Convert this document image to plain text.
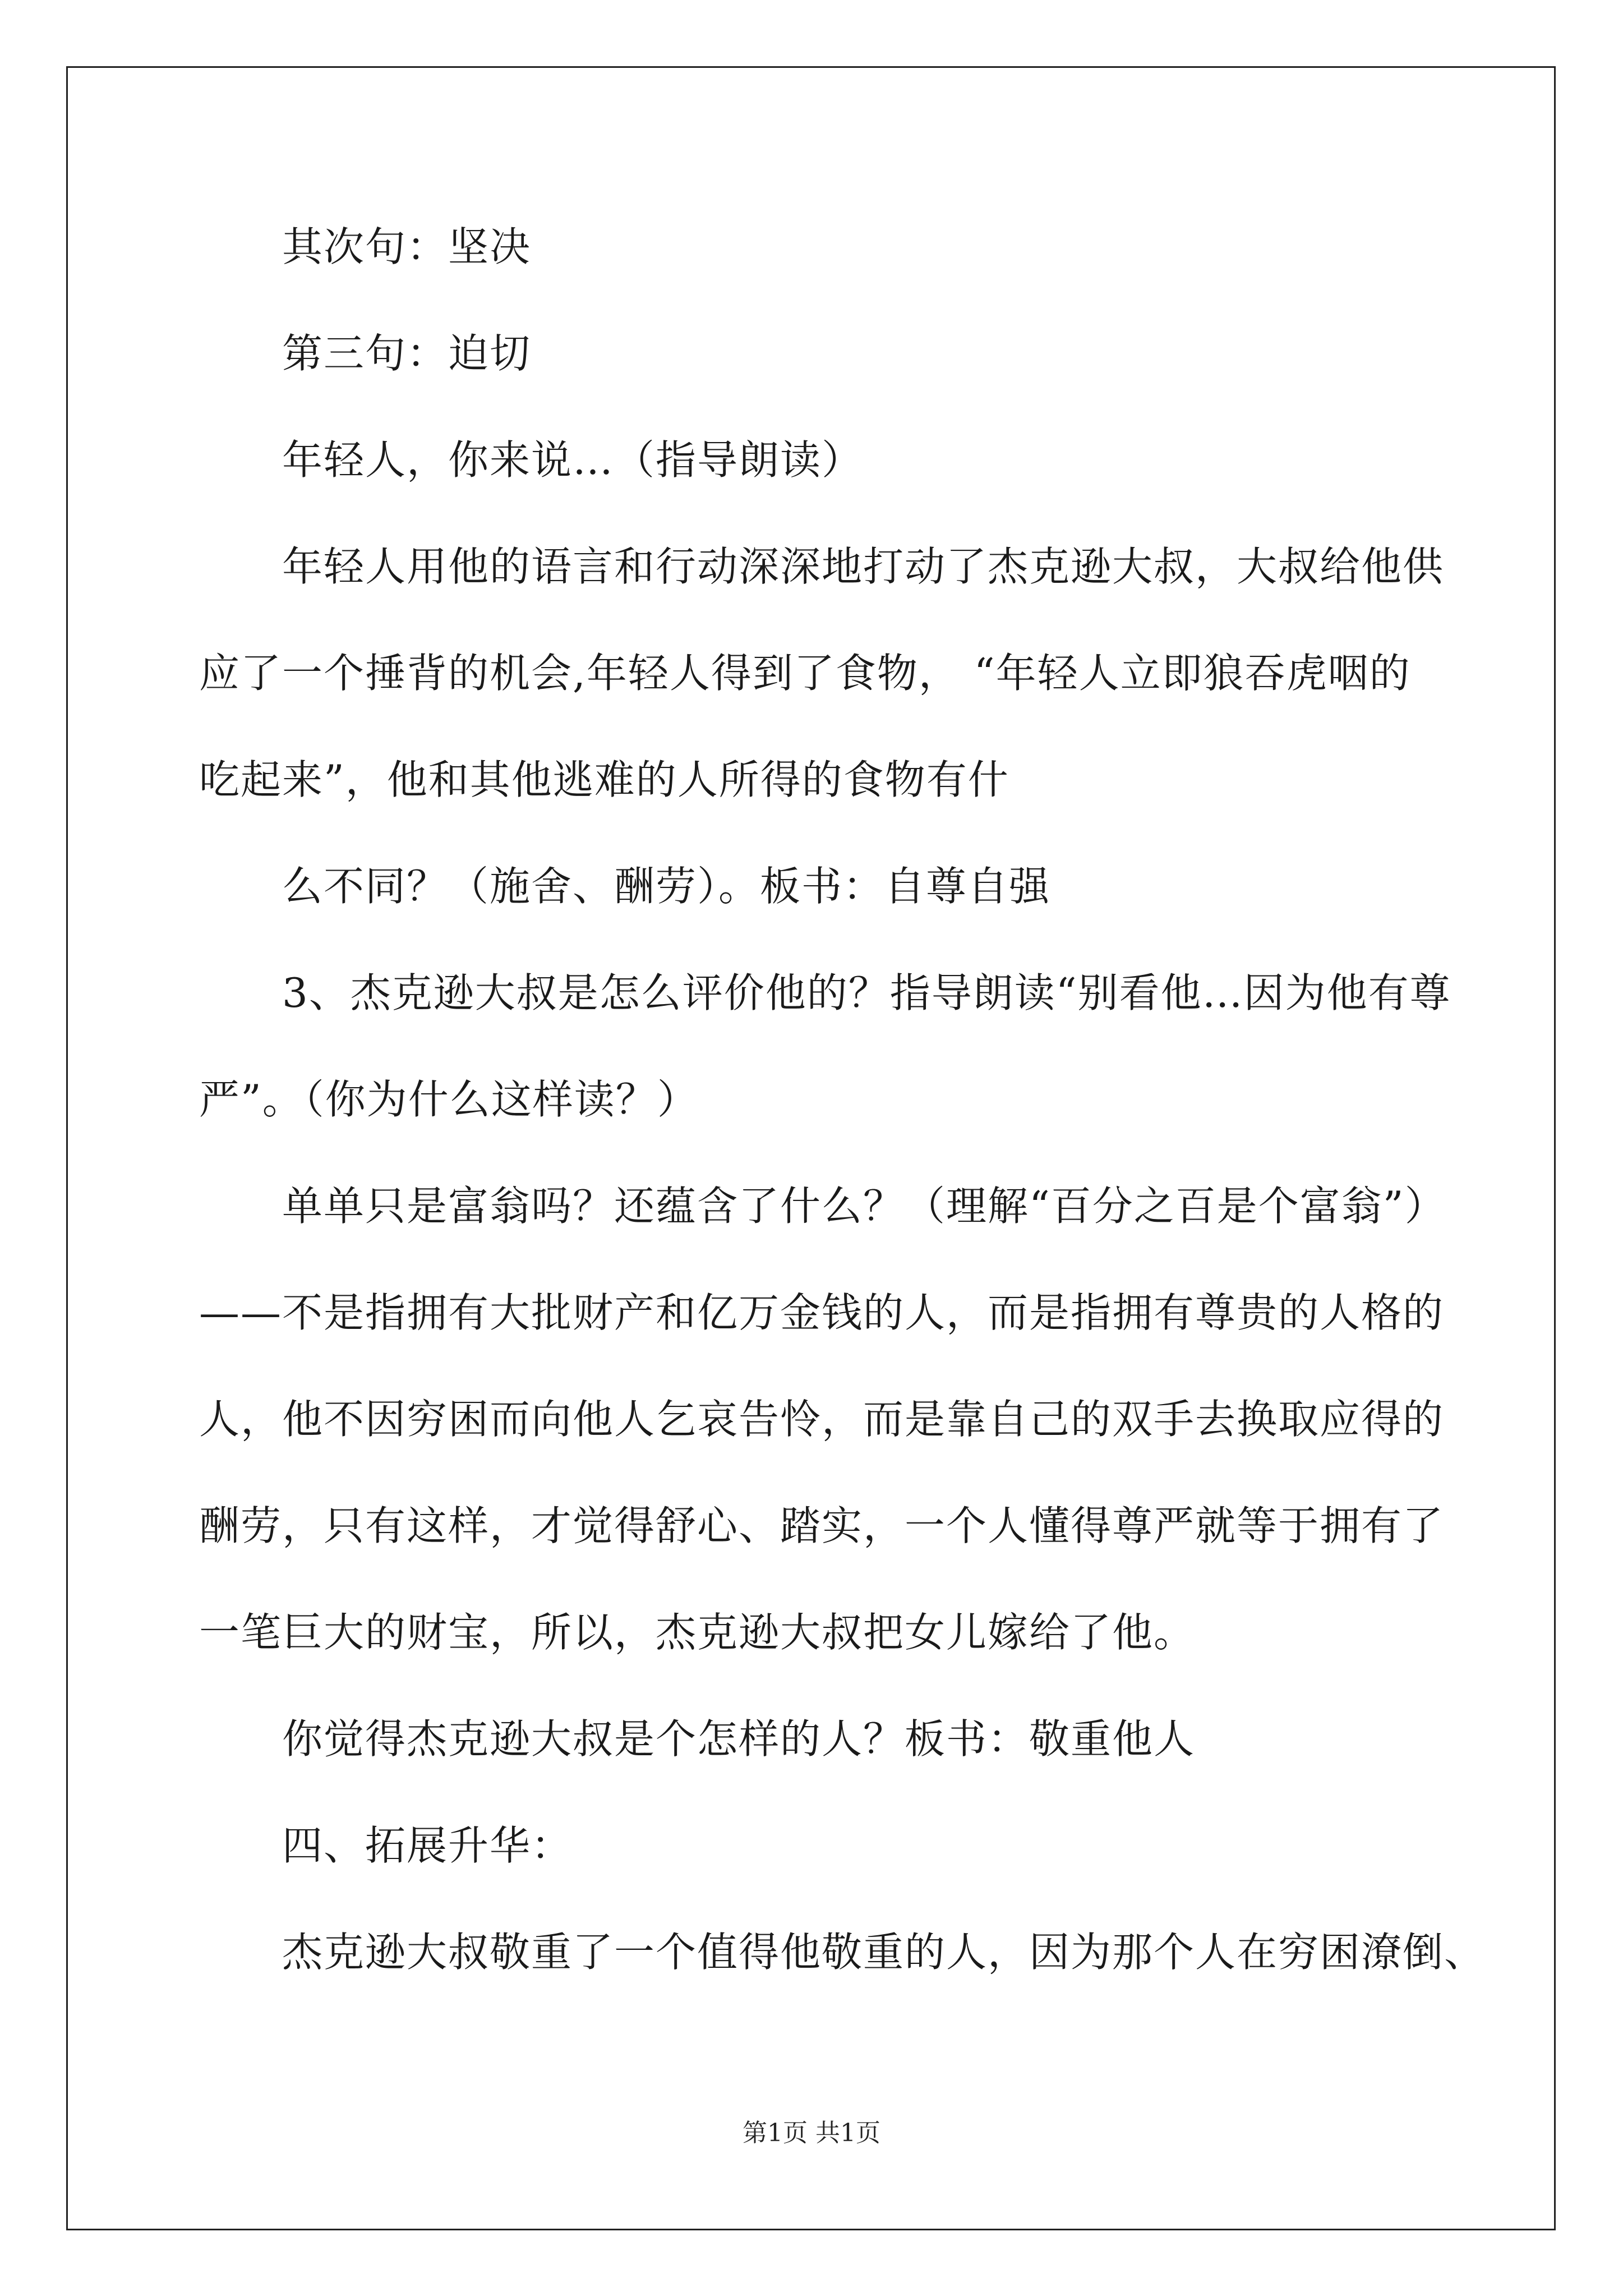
其次句：坚决
第三句：迫切
年轻人，你来说…（指导朗读）
年轻人用他的语言和行动深深地打动了杰克逊大叔，大叔给他供
应了一个捶背的机会,年轻人得到了食物， “年轻人立即狼吞虎咽的
吃起来”，他和其他逃难的人所得的食物有什
么不同？（施舍、酬劳）。板书：自尊自强
3、杰克逊大叔是怎么评价他的？指导朗读“别看他…因为他有尊
严”。（你为什么这样读？）
单单只是富翁吗？还蕴含了什么？（理解“百分之百是个富翁”）
——不是指拥有大批财产和亿万金钱的人，而是指拥有尊贵的人格的
人，他不因穷困而向他人乞哀告怜，而是靠自己的双手去换取应得的
酬劳，只有这样，才觉得舒心、踏实，一个人懂得尊严就等于拥有了
一笔巨大的财宝，所以，杰克逊大叔把女儿嫁给了他。
你觉得杰克逊大叔是个怎样的人？板书：敬重他人
四、拓展升华：
杰克逊大叔敬重了一个值得他敬重的人，因为那个人在穷困潦倒、
第1页 共1页
